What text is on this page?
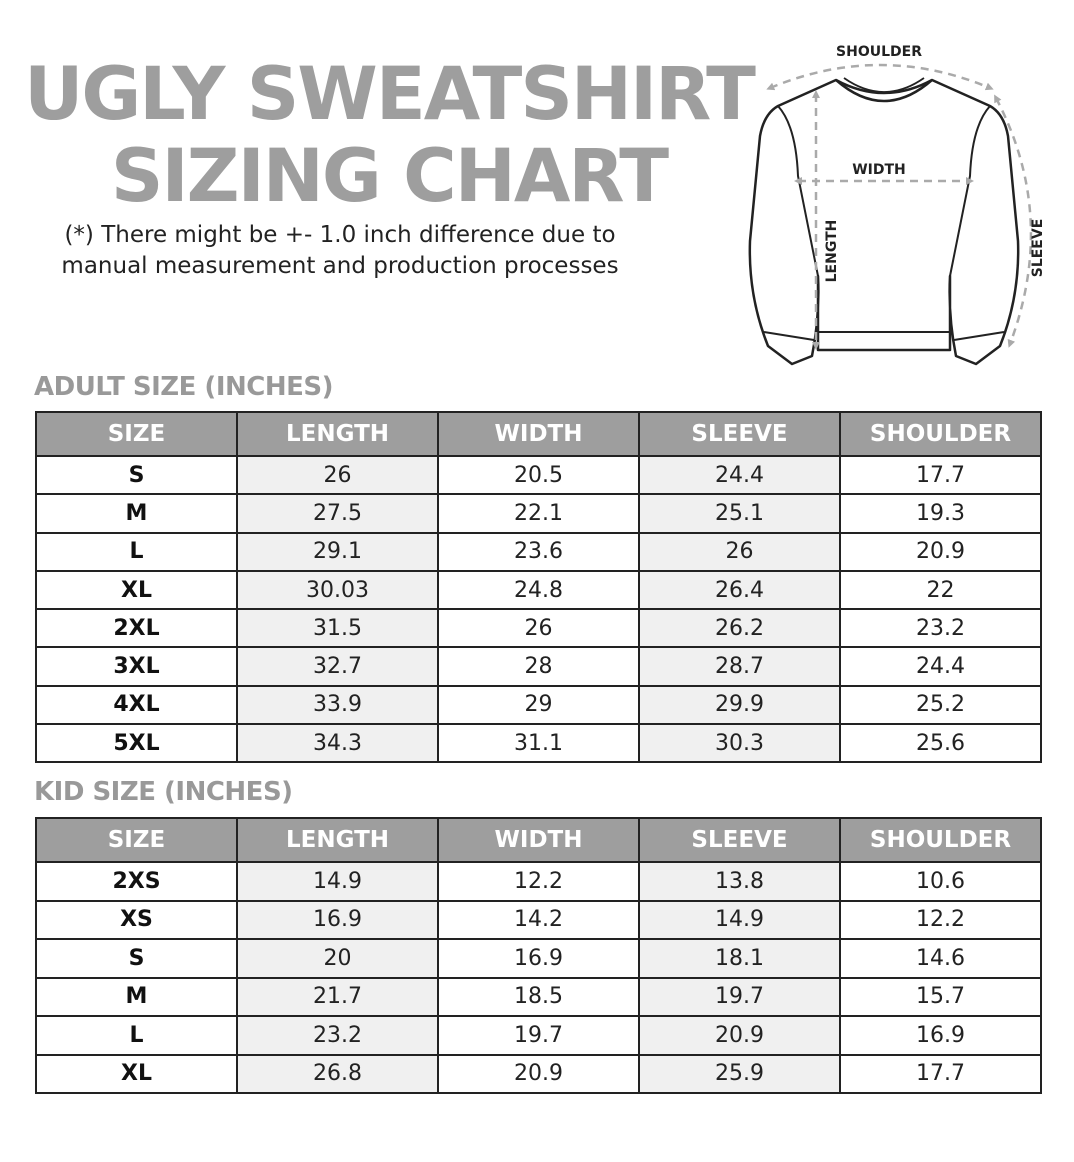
UGLY SWEATSHIRT
SIZING CHART
(*) There might be +- 1.0 inch difference due to
manual measurement and production processes
SHOULDER
WIDTH
LENGTH	SLEEVE
ADULT SIZE (INCHES)
SIZE	LENGTH	WIDTH	SLEEVE	SHOULDER
S	26	20.5	24.4	17.7
M	27.5	22.1	25.1	19.3
L	29.1	23.6	26	20.9
XL	30.03	24.8	26.4	22
2XL	31.5	26	26.2	23.2
3XL	32.7	28	28.7	24.4
4XL	33.9	29	29.9	25.2
5XL	34.3	31.1	30.3	25.6
KID SIZE (INCHES)
SIZE	LENGTH	WIDTH	SLEEVE	SHOULDER
2XS	14.9	12.2	13.8	10.6
XS	16.9	14.2	14.9	12.2
S	20	16.9	18.1	14.6
M	21.7	18.5	19.7	15.7
L	23.2	19.7	20.9	16.9
XL	26.8	20.9	25.9	17.7
